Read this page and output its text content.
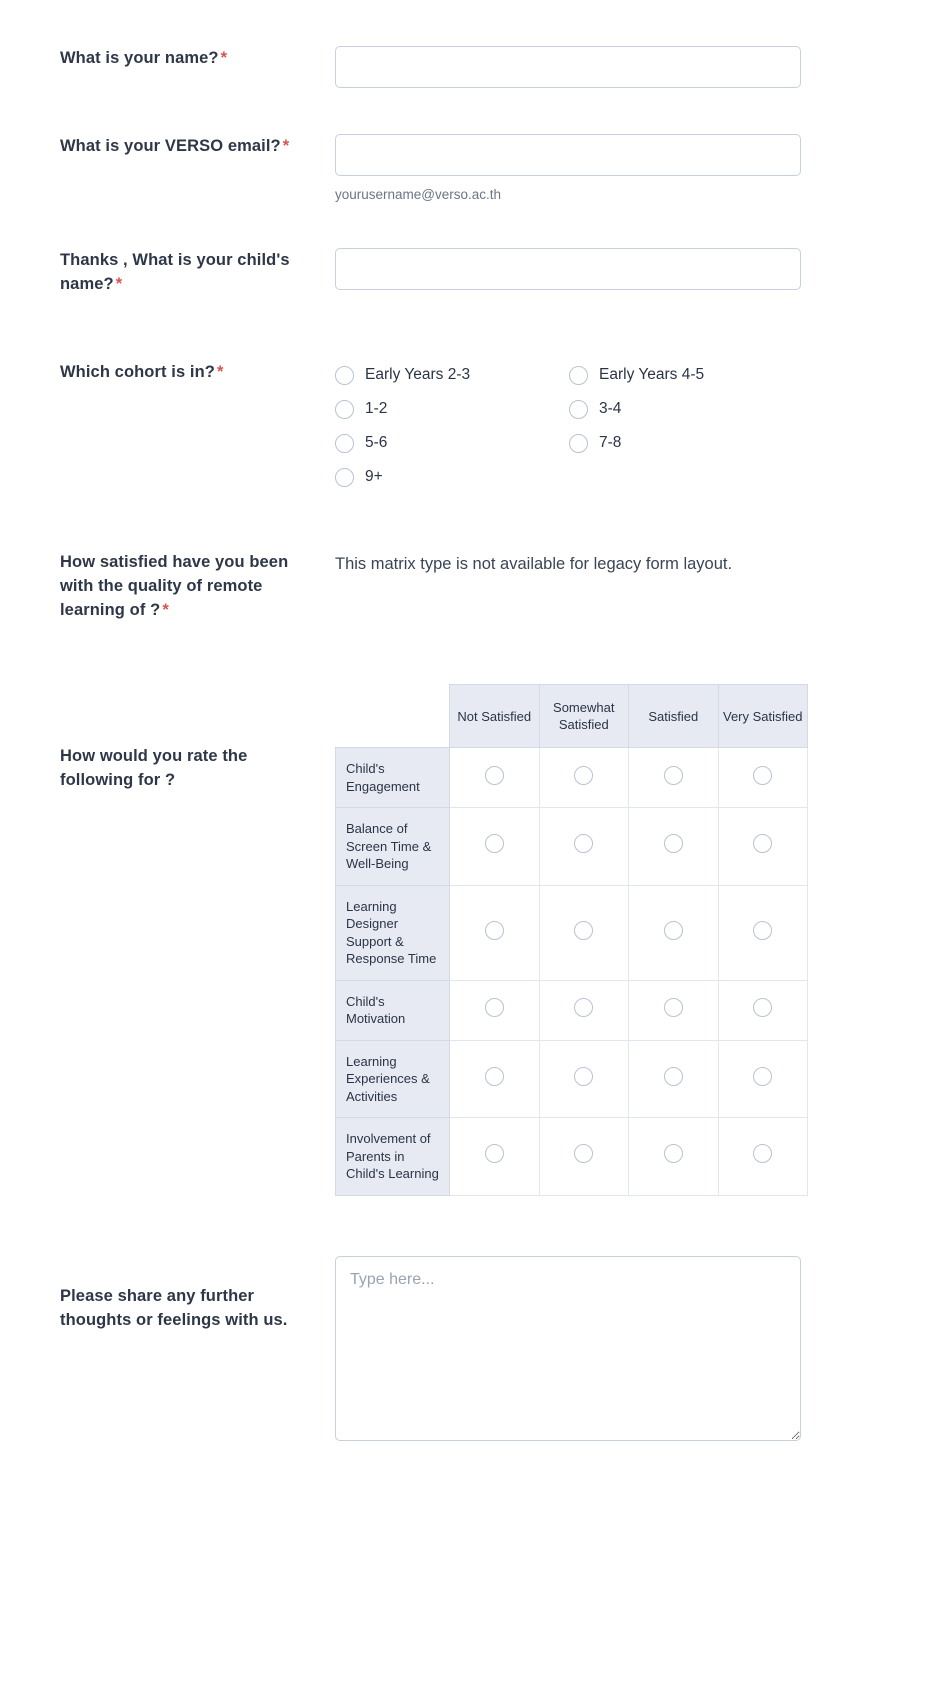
What is your name? *
What is your VERSO email? *
yourusername@verso.ac.th
Thanks , What is your child's name? *
Which cohort is in? *	Early Years 2-3	Early Years 4-5
1-2	3-4
5-6	7-8
9+
How satisfied have you been with the quality of remote learning of ? *
This matrix type is not available for legacy form layout.
How would you rate the following for ?
	Not Satisfied	Somewhat Satisfied	Satisfied	Very Satisfied
Child's Engagement				
Balance of Screen Time & Well-Being				
Learning Designer Support & Response Time				
Child's Motivation				
Learning Experiences & Activities				
Involvement of Parents in Child's Learning				
Please share any further thoughts or feelings with us.
Type here...
